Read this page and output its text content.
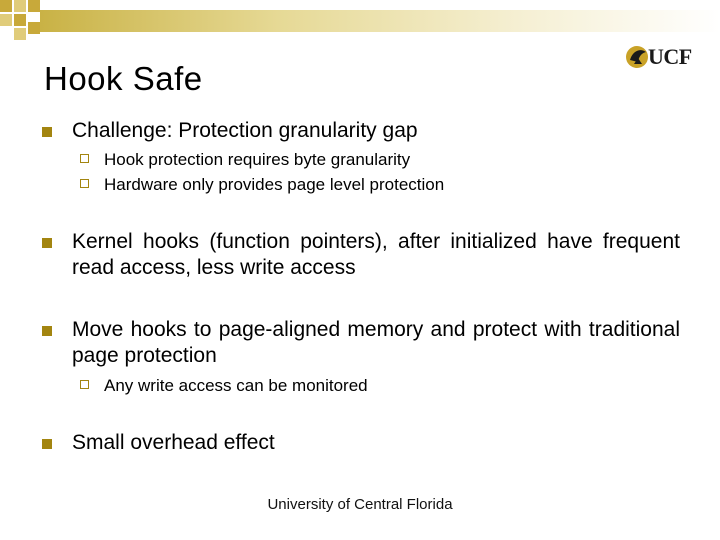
Hook Safe
UCF
Challenge: Protection granularity gap
Hook protection requires byte granularity
Hardware only provides page level protection
Kernel hooks (function pointers), after initialized have frequent read access, less write access
Move hooks to page-aligned memory and protect with traditional page protection
Any write access can be monitored
Small overhead effect
University of Central Florida
